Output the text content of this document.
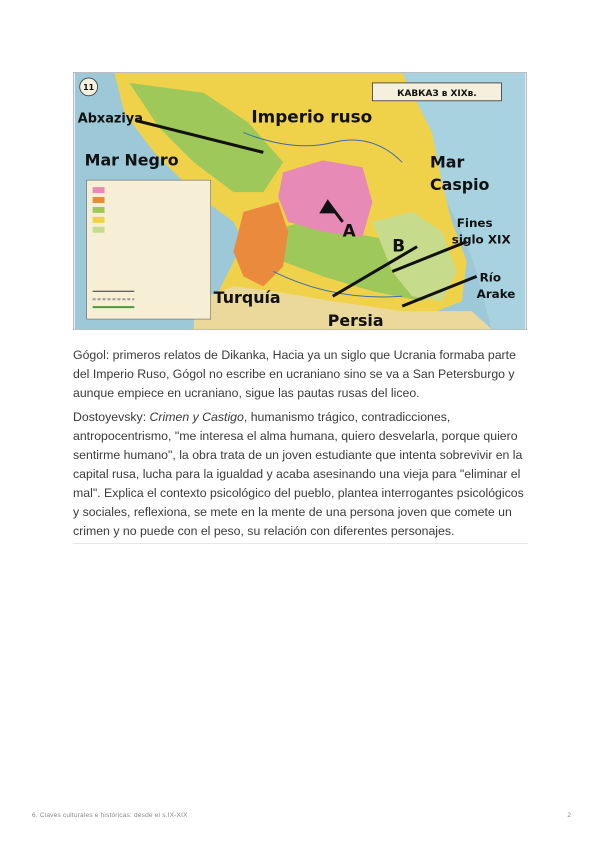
11
КАВКАЗ в XIXв.
Abxaziya	Imperio ruso
Mar Negro	Mar
Caspio
Fines
siglo XIX
A
B
Río
Arake
Turquía
Persia

Gógol: primeros relatos de Dikanka, Hacia ya un siglo que Ucrania formaba parte del Imperio Ruso, Gógol no escribe en ucraniano sino se va a San Petersburgo y aunque empiece en ucraniano, sigue las pautas rusas del liceo.

Dostoyevsky: Crimen y Castigo, humanismo trágico, contradicciones, antropocentrismo, "me interesa el alma humana, quiero desvelarla, porque quiero sentirme humano", la obra trata de un joven estudiante que intenta sobrevivir en la capital rusa, lucha para la igualdad y acaba asesinando una vieja para "eliminar el mal". Explica el contexto psicológico del pueblo, plantea interrogantes psicológicos y sociales, reflexiona, se mete en la mente de una persona joven que comete un crimen y no puede con el peso, su relación con diferentes personajes.

6. Claves culturales e históricas: desde el s.IX-XIX	2
